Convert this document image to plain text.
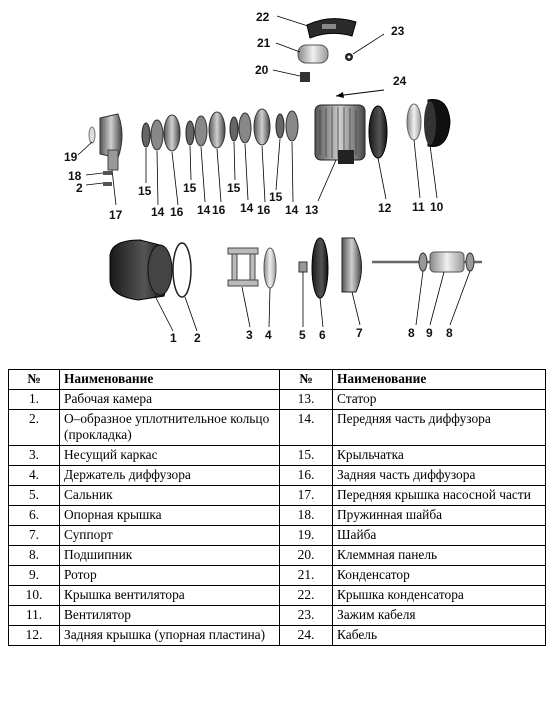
22
21
23
20
24
19
18
2
17
15
14 16
15
14 16
15
14 16
15
14 13	12 11 10
1 2	3 4 5 6	7	8 9 8
№	Наименование	№	Наименование
1.	Рабочая камера	13.	Статор
2.	О–образное уплотнительное кольцо (прокладка)	14.	Передняя часть диффузора
3.	Несущий каркас	15.	Крыльчатка
4.	Держатель диффузора	16.	Задняя часть диффузора
5.	Сальник	17.	Передняя крышка насосной части
6.	Опорная крышка	18.	Пружинная шайба
7.	Суппорт	19.	Шайба
8.	Подшипник	20.	Клеммная панель
9.	Ротор	21.	Конденсатор
10.	Крышка вентилятора	22.	Крышка конденсатора
11.	Вентилятор	23.	Зажим кабеля
12.	Задняя крышка (упорная пластина)	24.	Кабель
